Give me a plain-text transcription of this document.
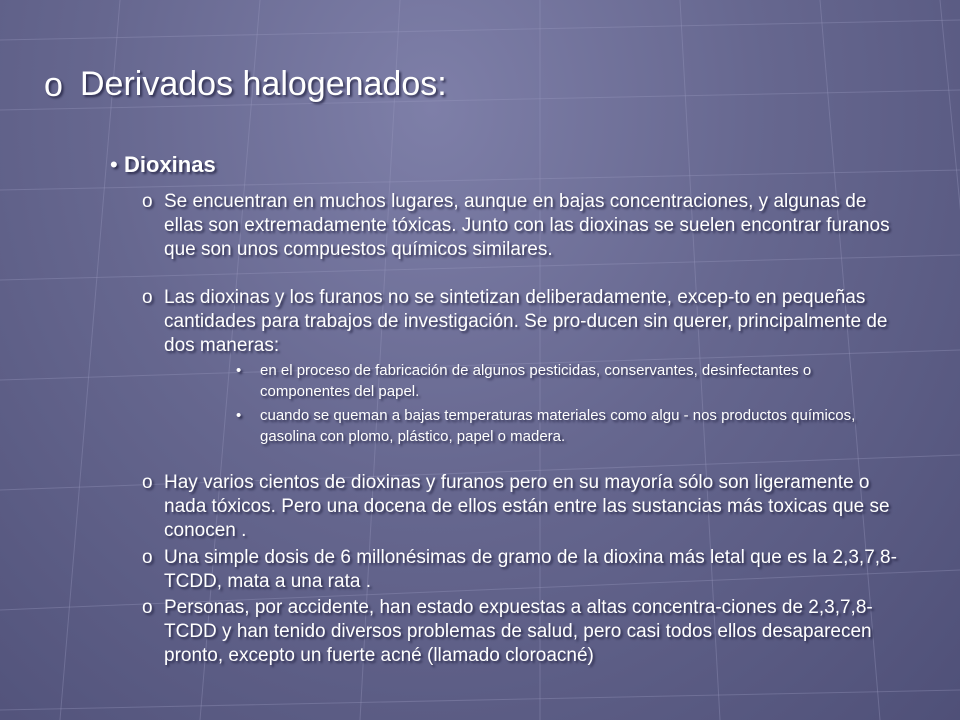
o Derivados halogenados:
• Dioxinas
o Se encuentran en muchos lugares, aunque en bajas concentraciones, y algunas de ellas son extremadamente tóxicas. Junto con las dioxinas se suelen encontrar furanos que son unos compuestos químicos similares.
o Las dioxinas y los furanos no se sintetizan deliberadamente, excep-to en pequeñas cantidades para trabajos de investigación. Se pro-ducen sin querer, principalmente de dos maneras:
• en el proceso de fabricación de algunos pesticidas, conservantes, desinfectantes o componentes del papel.
• cuando se queman a bajas temperaturas materiales como algu - nos productos químicos, gasolina con plomo, plástico, papel o madera.
o Hay varios cientos de dioxinas y furanos pero en su mayoría sólo son ligeramente o nada tóxicos. Pero una docena de ellos están entre las sustancias más toxicas que se conocen .
o Una simple dosis de 6 millonésimas de gramo de la dioxina más letal que es la 2,3,7,8-TCDD, mata a una rata .
o Personas, por accidente, han estado expuestas a altas concentra-ciones de 2,3,7,8-TCDD y han tenido diversos problemas de salud, pero casi todos ellos desaparecen pronto, excepto un fuerte acné (llamado cloroacné)
